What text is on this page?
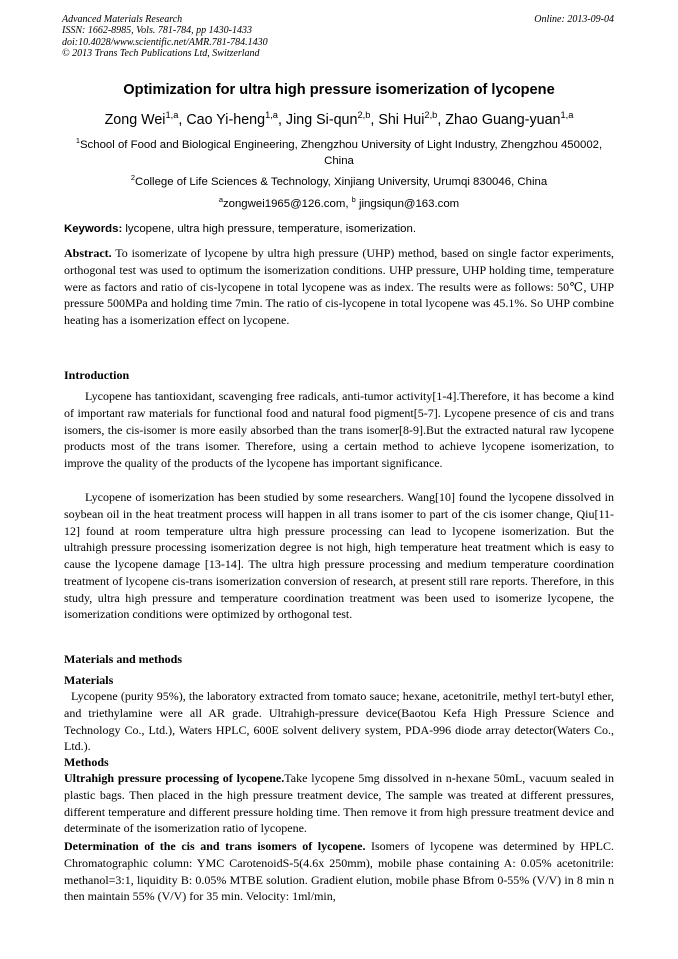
Advanced Materials Research
ISSN: 1662-8985, Vols. 781-784, pp 1430-1433
doi:10.4028/www.scientific.net/AMR.781-784.1430
© 2013 Trans Tech Publications Ltd, Switzerland
Online: 2013-09-04
Optimization for ultra high pressure isomerization of lycopene
Zong Wei$^{1,a}$, Cao Yi-heng$^{1,a}$, Jing Si-qun$^{2,b}$, Shi Hui$^{2,b}$, Zhao Guang-yuan$^{1,a}$
$^1$School of Food and Biological Engineering, Zhengzhou University of Light Industry, Zhengzhou 450002, China
$^2$College of Life Sciences & Technology, Xinjiang University, Urumqi 830046, China
$^a$zongwei1965@126.com, $^b$ jingsiqun@163.com
Keywords: lycopene, ultra high pressure, temperature, isomerization.
Abstract. To isomerizate of lycopene by ultra high pressure (UHP) method, based on single factor experiments, orthogonal test was used to optimum the isomerization conditions. UHP pressure, UHP holding time, temperature were as factors and ratio of cis-lycopene in total lycopene was as index. The results were as follows: 50℃, UHP pressure 500MPa and holding time 7min. The ratio of cis-lycopene in total lycopene was 45.1%. So UHP combine heating has a isomerization effect on lycopene.
Introduction
Lycopene has tantioxidant, scavenging free radicals, anti-tumor activity[1-4].Therefore, it has become a kind of important raw materials for functional food and natural food pigment[5-7]. Lycopene presence of cis and trans isomers, the cis-isomer is more easily absorbed than the trans isomer[8-9].But the extracted natural raw lycopene products most of the trans isomer. Therefore, using a certain method to achieve lycopene isomerization, to improve the quality of the products of the lycopene has important significance.
Lycopene of isomerization has been studied by some researchers. Wang[10] found the lycopene dissolved in soybean oil in the heat treatment process will happen in all trans isomer to part of the cis isomer change, Qiu[11-12] found at room temperature ultra high pressure processing can lead to lycopene isomerization. But the ultrahigh pressure processing isomerization degree is not high, high temperature heat treatment which is easy to cause the lycopene damage [13-14]. The ultra high pressure processing and medium temperature coordination treatment of lycopene cis-trans isomerization conversion of research, at present still rare reports. Therefore, in this study, ultra high pressure and temperature coordination treatment was been used to isomerize lycopene, the isomerization conditions were optimized by orthogonal test.
Materials and methods
Materials
Lycopene (purity 95%), the laboratory extracted from tomato sauce; hexane, acetonitrile, methyl tert-butyl ether, and triethylamine were all AR grade. Ultrahigh-pressure device(Baotou Kefa High Pressure Science and Technology Co., Ltd.), Waters HPLC, 600E solvent delivery system, PDA-996 diode array detector(Waters Co., Ltd.).
Methods
Ultrahigh pressure processing of lycopene.Take lycopene 5mg dissolved in n-hexane 50mL, vacuum sealed in plastic bags. Then placed in the high pressure treatment device, The sample was treated at different pressures, different temperature and different pressure holding time. Then remove it from high pressure treatment device and determinate of the isomerization ratio of lycopene.
Determination of the cis and trans isomers of lycopene. Isomers of lycopene was determined by HPLC. Chromatographic column: YMC CarotenoidS-5(4.6x 250mm), mobile phase containing A: 0.05% acetonitrile: methanol=3:1, liquidity B: 0.05% MTBE solution. Gradient elution, mobile phase Bfrom 0-55% (V/V) in 8 min n then maintain 55% (V/V) for 35 min. Velocity: 1ml/min,
